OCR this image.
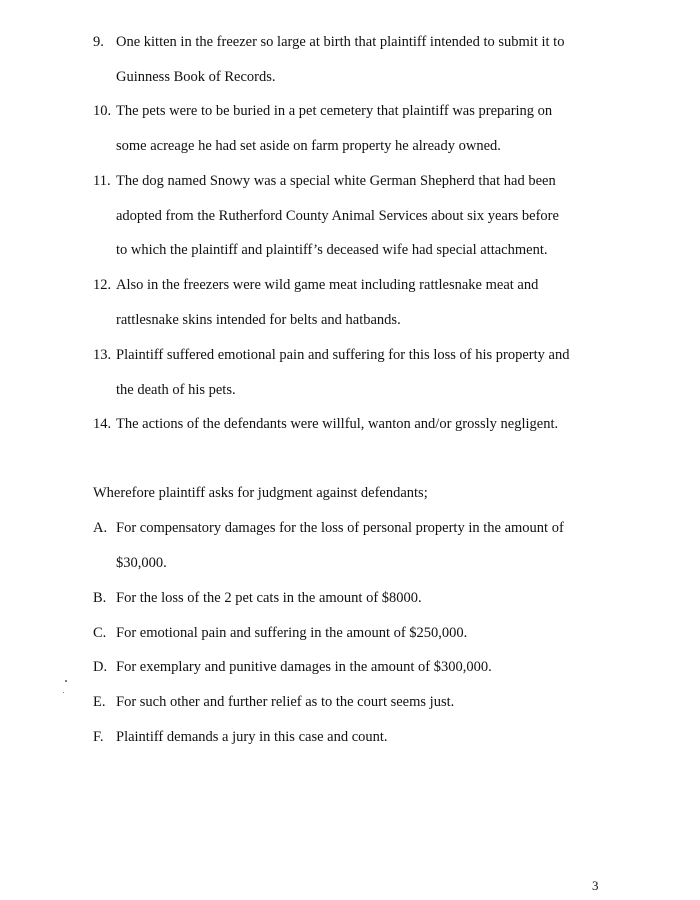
9. One kitten in the freezer so large at birth that plaintiff intended to submit it to
Guinness Book of Records.
10. The pets were to be buried in a pet cemetery that plaintiff was preparing on
some acreage he had set aside on farm property he already owned.
11. The dog named Snowy was a special white German Shepherd that had been
adopted from the Rutherford County Animal Services about six years before
to which the plaintiff and plaintiff’s deceased wife had special attachment.
12. Also in the freezers were wild game meat including rattlesnake meat and
rattlesnake skins intended for belts and hatbands.
13. Plaintiff suffered emotional pain and suffering for this loss of his property and
the death of his pets.
14. The actions of the defendants were willful, wanton and/or grossly negligent.
Wherefore plaintiff asks for judgment against defendants;
A. For compensatory damages for the loss of personal property in the amount of
$30,000.
B. For the loss of the 2 pet cats in the amount of $8000.
C. For emotional pain and suffering in the amount of $250,000.
D. For exemplary and punitive damages in the amount of $300,000.
E. For such other and further relief as to the court seems just.
F. Plaintiff demands a jury in this case and count.
3
